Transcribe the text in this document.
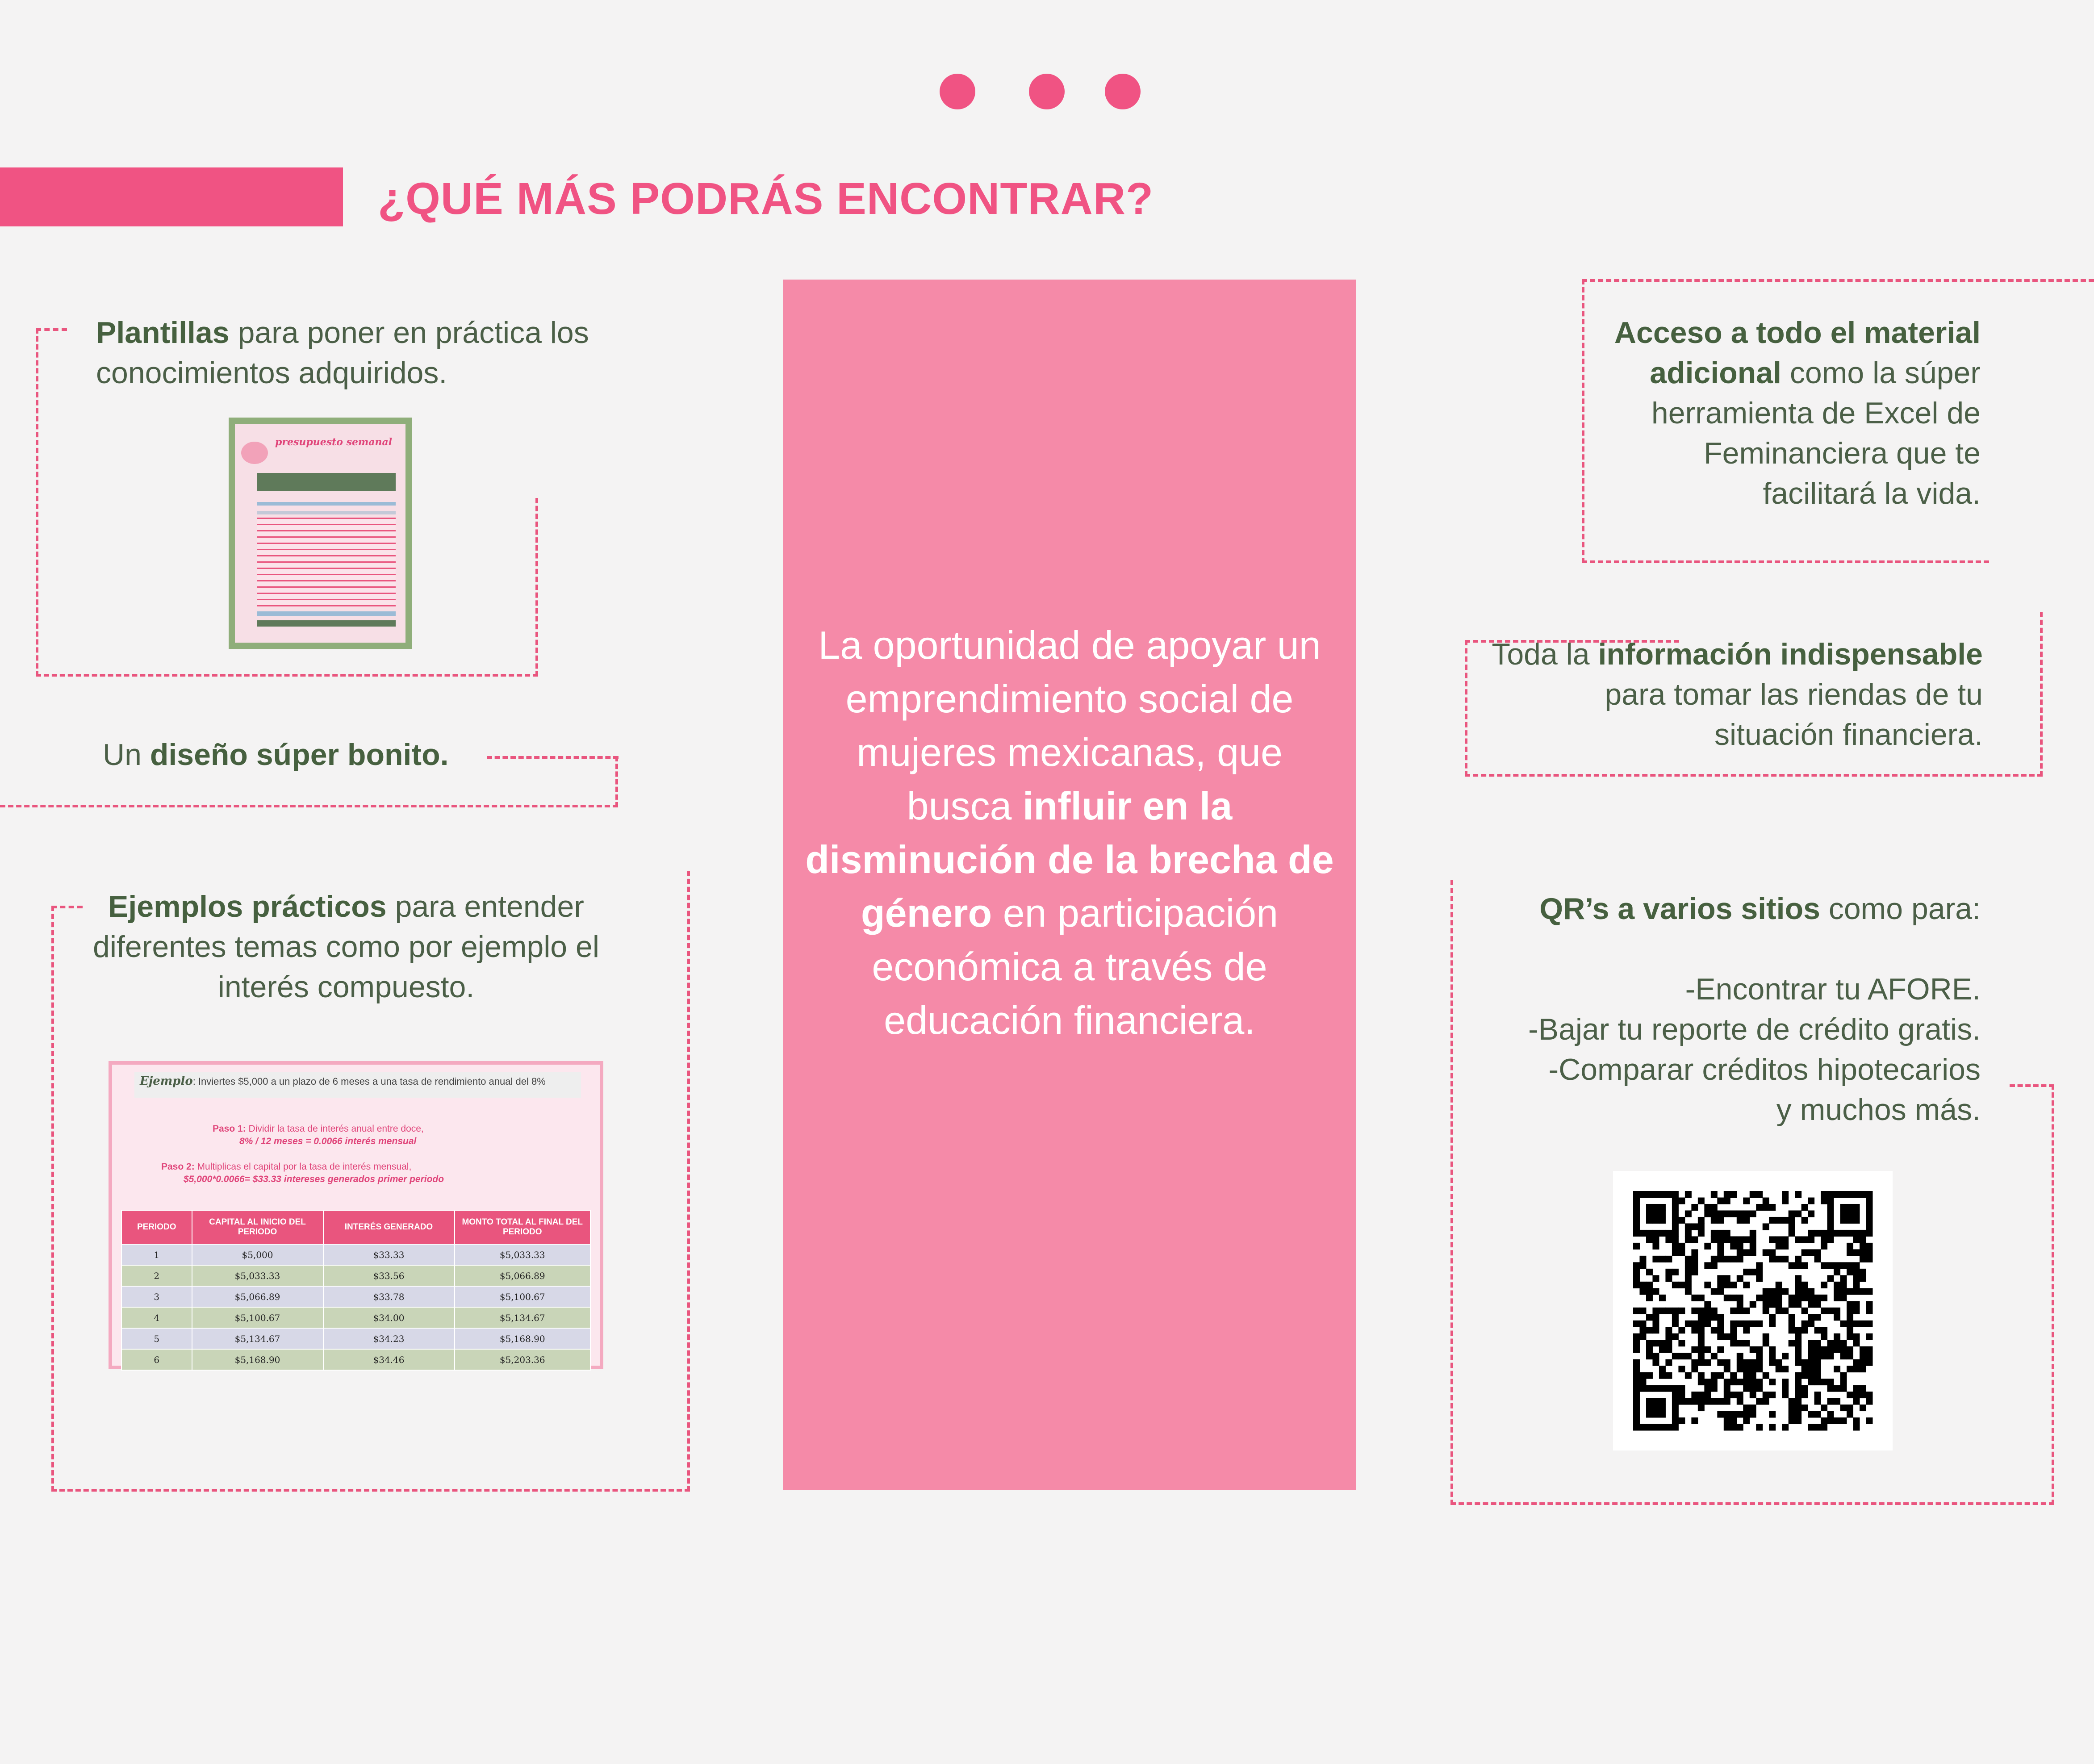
¿QUÉ MÁS PODRÁS ENCONTRAR?
Plantillas para poner en práctica los conocimientos adquiridos.
presupuesto semanal
Un diseño súper bonito.
Ejemplos prácticos para entender diferentes temas como por ejemplo el interés compuesto.
Ejemplo: Inviertes $5,000 a un plazo de 6 meses a una tasa de rendimiento anual del 8%
Paso 1: Dividir la tasa de interés anual entre doce,
8% / 12 meses = 0.0066 interés mensual
Paso 2: Multiplicas el capital por la tasa de interés mensual,
$5,000*0.0066= $33.33 intereses generados primer periodo
PERIODO	CAPITAL AL INICIO DEL PERIODO	INTERÉS GENERADO	MONTO TOTAL AL FINAL DEL PERIODO
1	$5,000	$33.33	$5,033.33
2	$5,033.33	$33.56	$5,066.89
3	$5,066.89	$33.78	$5,100.67
4	$5,100.67	$34.00	$5,134.67
5	$5,134.67	$34.23	$5,168.90
6	$5,168.90	$34.46	$5,203.36
La oportunidad de apoyar un emprendimiento social de mujeres mexicanas, que busca influir en la disminución de la brecha de género en participación económica a través de educación financiera.
Acceso a todo el material adicional como la súper herramienta de Excel de Feminanciera que te facilitará la vida.
Toda la información indispensable para tomar las riendas de tu situación financiera.
QR’s a varios sitios como para:
-Encontrar tu AFORE.
-Bajar tu reporte de crédito gratis.
-Comparar créditos hipotecarios
y muchos más.
